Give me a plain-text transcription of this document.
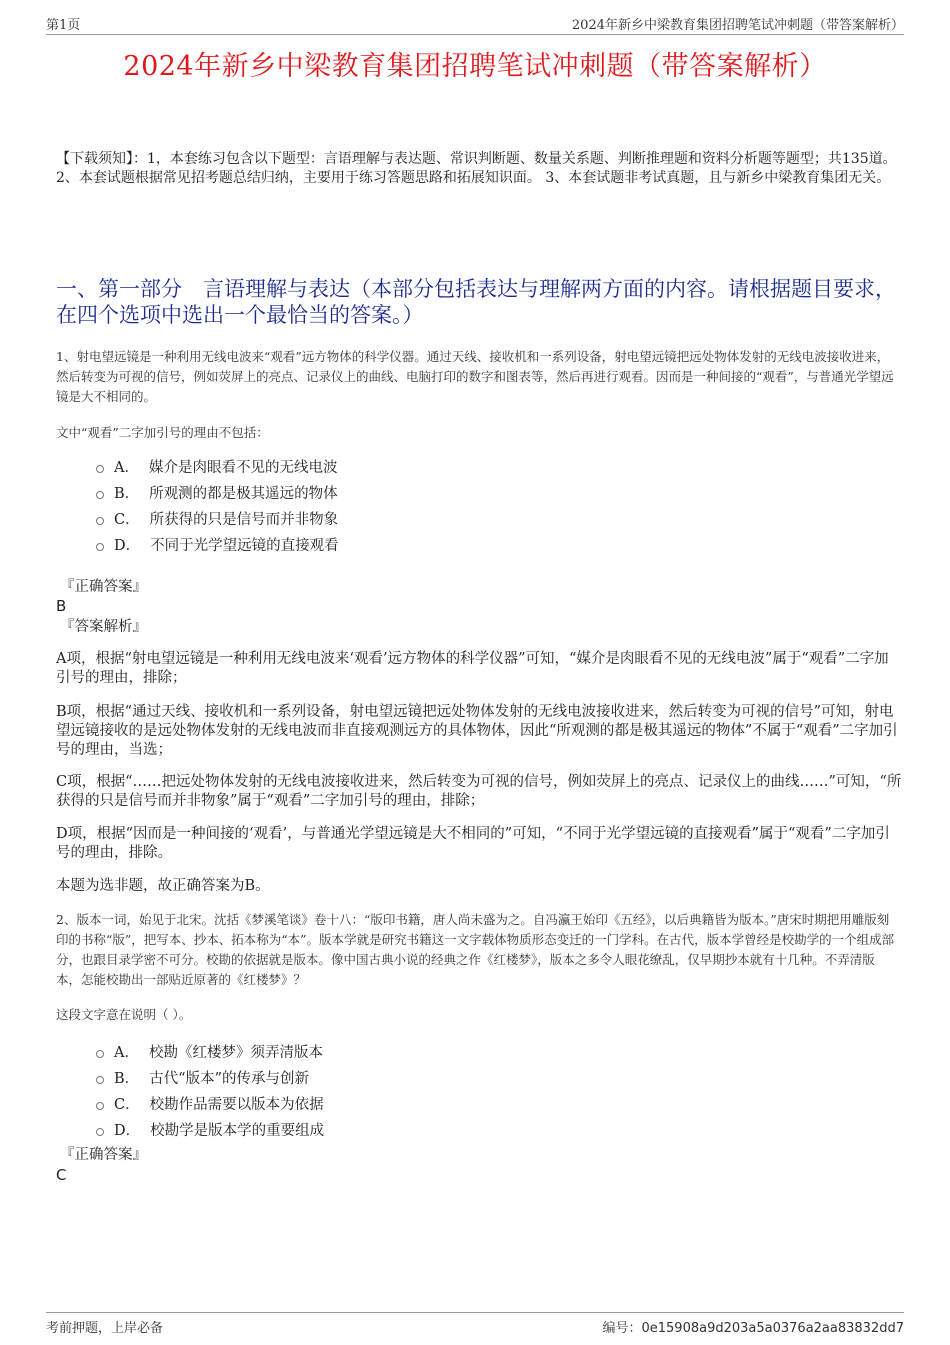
第1页	2024年新乡中梁教育集团招聘笔试冲刺题（带答案解析）
2024年新乡中梁教育集团招聘笔试冲刺题（带答案解析）
【下载须知】：1，本套练习包含以下题型：言语理解与表达题、常识判断题、数量关系题、判断推理题和资料分析题等题型；共135道。 2、本套试题根据常见招考题总结归纳，主要用于练习答题思路和拓展知识面。 3、本套试题非考试真题，且与新乡中梁教育集团无关。
一、第一部分　言语理解与表达（本部分包括表达与理解两方面的内容。请根据题目要求，在四个选项中选出一个最恰当的答案。）
1、射电望远镜是一种利用无线电波来“观看”远方物体的科学仪器。通过天线、接收机和一系列设备，射电望远镜把远处物体发射的无线电波接收进来，然后转变为可视的信号，例如荧屏上的亮点、记录仪上的曲线、电脑打印的数字和图表等，然后再进行观看。因而是一种间接的“观看”，与普通光学望远镜是大不相同的。
文中“观看”二字加引号的理由不包括：
A． 媒介是肉眼看不见的无线电波
B． 所观测的都是极其遥远的物体
C． 所获得的只是信号而并非物象
D． 不同于光学望远镜的直接观看
『正确答案』
B
『答案解析』
A项，根据“射电望远镜是一种利用无线电波来‘观看’远方物体的科学仪器”可知，“媒介是肉眼看不见的无线电波”属于“观看”二字加引号的理由，排除；
B项，根据“通过天线、接收机和一系列设备，射电望远镜把远处物体发射的无线电波接收进来，然后转变为可视的信号”可知，射电望远镜接收的是远处物体发射的无线电波而非直接观测远方的具体物体，因此“所观测的都是极其遥远的物体”不属于“观看”二字加引号的理由，当选；
C项，根据“……把远处物体发射的无线电波接收进来，然后转变为可视的信号，例如荧屏上的亮点、记录仪上的曲线……”可知，“所获得的只是信号而并非物象”属于“观看”二字加引号的理由，排除；
D项，根据“因而是一种间接的‘观看’，与普通光学望远镜是大不相同的”可知，“不同于光学望远镜的直接观看”属于“观看”二字加引号的理由，排除。
本题为选非题，故正确答案为B。
2、版本一词，始见于北宋。沈括《梦溪笔谈》卷十八：“版印书籍，唐人尚未盛为之。自冯瀛王始印《五经》，以后典籍皆为版本。”唐宋时期把用雕版刻印的书称“版”，把写本、抄本、拓本称为“本”。版本学就是研究书籍这一文字载体物质形态变迁的一门学科。在古代，版本学曾经是校勘学的一个组成部分，也跟目录学密不可分。校勘的依据就是版本。像中国古典小说的经典之作《红楼梦》，版本之多令人眼花缭乱，仅早期抄本就有十几种。不弄清版本，怎能校勘出一部贴近原著的《红楼梦》？
这段文字意在说明（ ）。
A． 校勘《红楼梦》须弄清版本
B． 古代“版本”的传承与创新
C． 校勘作品需要以版本为依据
D． 校勘学是版本学的重要组成
『正确答案』
C
考前押题，上岸必备	编号：0e15908a9d203a5a0376a2aa83832dd7
